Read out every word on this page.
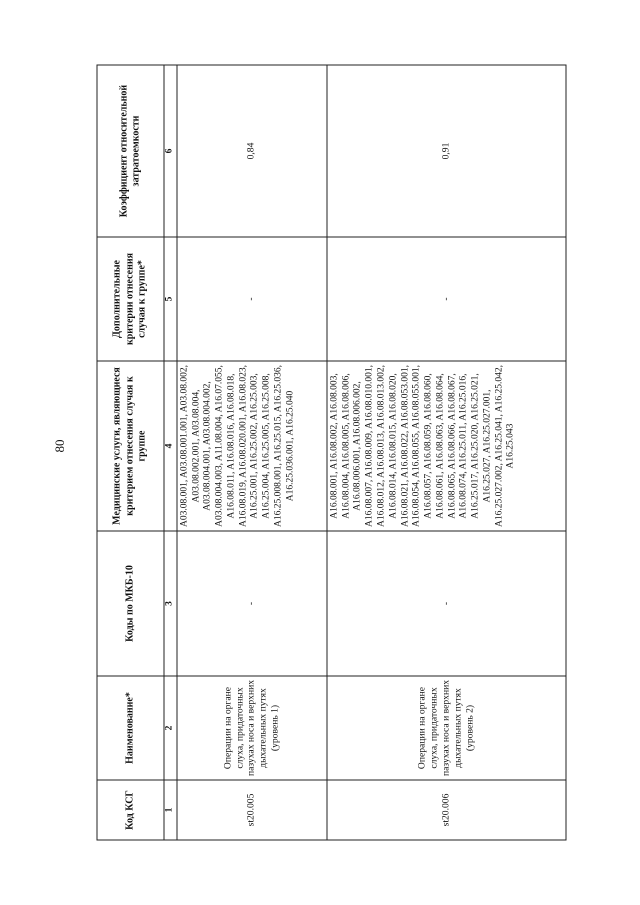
80
Код КСГ	Наименование*	Коды по МКБ-10	Медицинские услуги, являющиеся критерием отнесения случая к группе	Дополнительные критерии отнесения случая к группе*	Коэффициент относительной затратоемкости
1	2	3	4	5	6
st20.005	Операции на органе слуха, придаточных пазухах носа и верхних дыхательных путях (уровень 1)	-	A03.08.001, A03.08.001.001, A03.08.002, A03.08.002.001, A03.08.004, A03.08.004.001, A03.08.004.002, A03.08.004.003, A11.08.004, A16.07.055, A16.08.011, A16.08.016, A16.08.018, A16.08.019, A16.08.020.001, A16.08.023, A16.25.001, A16.25.002, A16.25.003, A16.25.004, A16.25.005, A16.25.008, A16.25.008.001, A16.25.015, A16.25.036, A16.25.036.001, A16.25.040	-	0,84
st20.006	Операции на органе слуха, придаточных пазухах носа и верхних дыхательных путях (уровень 2)	-	A16.08.001, A16.08.002, A16.08.003, A16.08.004, A16.08.005, A16.08.006, A16.08.006.001, A16.08.006.002, A16.08.007, A16.08.009, A16.08.010.001, A16.08.012, A16.08.013, A16.08.013.002, A16.08.014, A16.08.015, A16.08.020, A16.08.021, A16.08.022, A16.08.053.001, A16.08.054, A16.08.055, A16.08.055.001, A16.08.057, A16.08.059, A16.08.060, A16.08.061, A16.08.063, A16.08.064, A16.08.065, A16.08.066, A16.08.067, A16.08.074, A16.25.011, A16.25.016, A16.25.017, A16.25.020, A16.25.021, A16.25.027, A16.25.027.001, A16.25.027.002, A16.25.041, A16.25.042, A16.25.043	-	0,91
